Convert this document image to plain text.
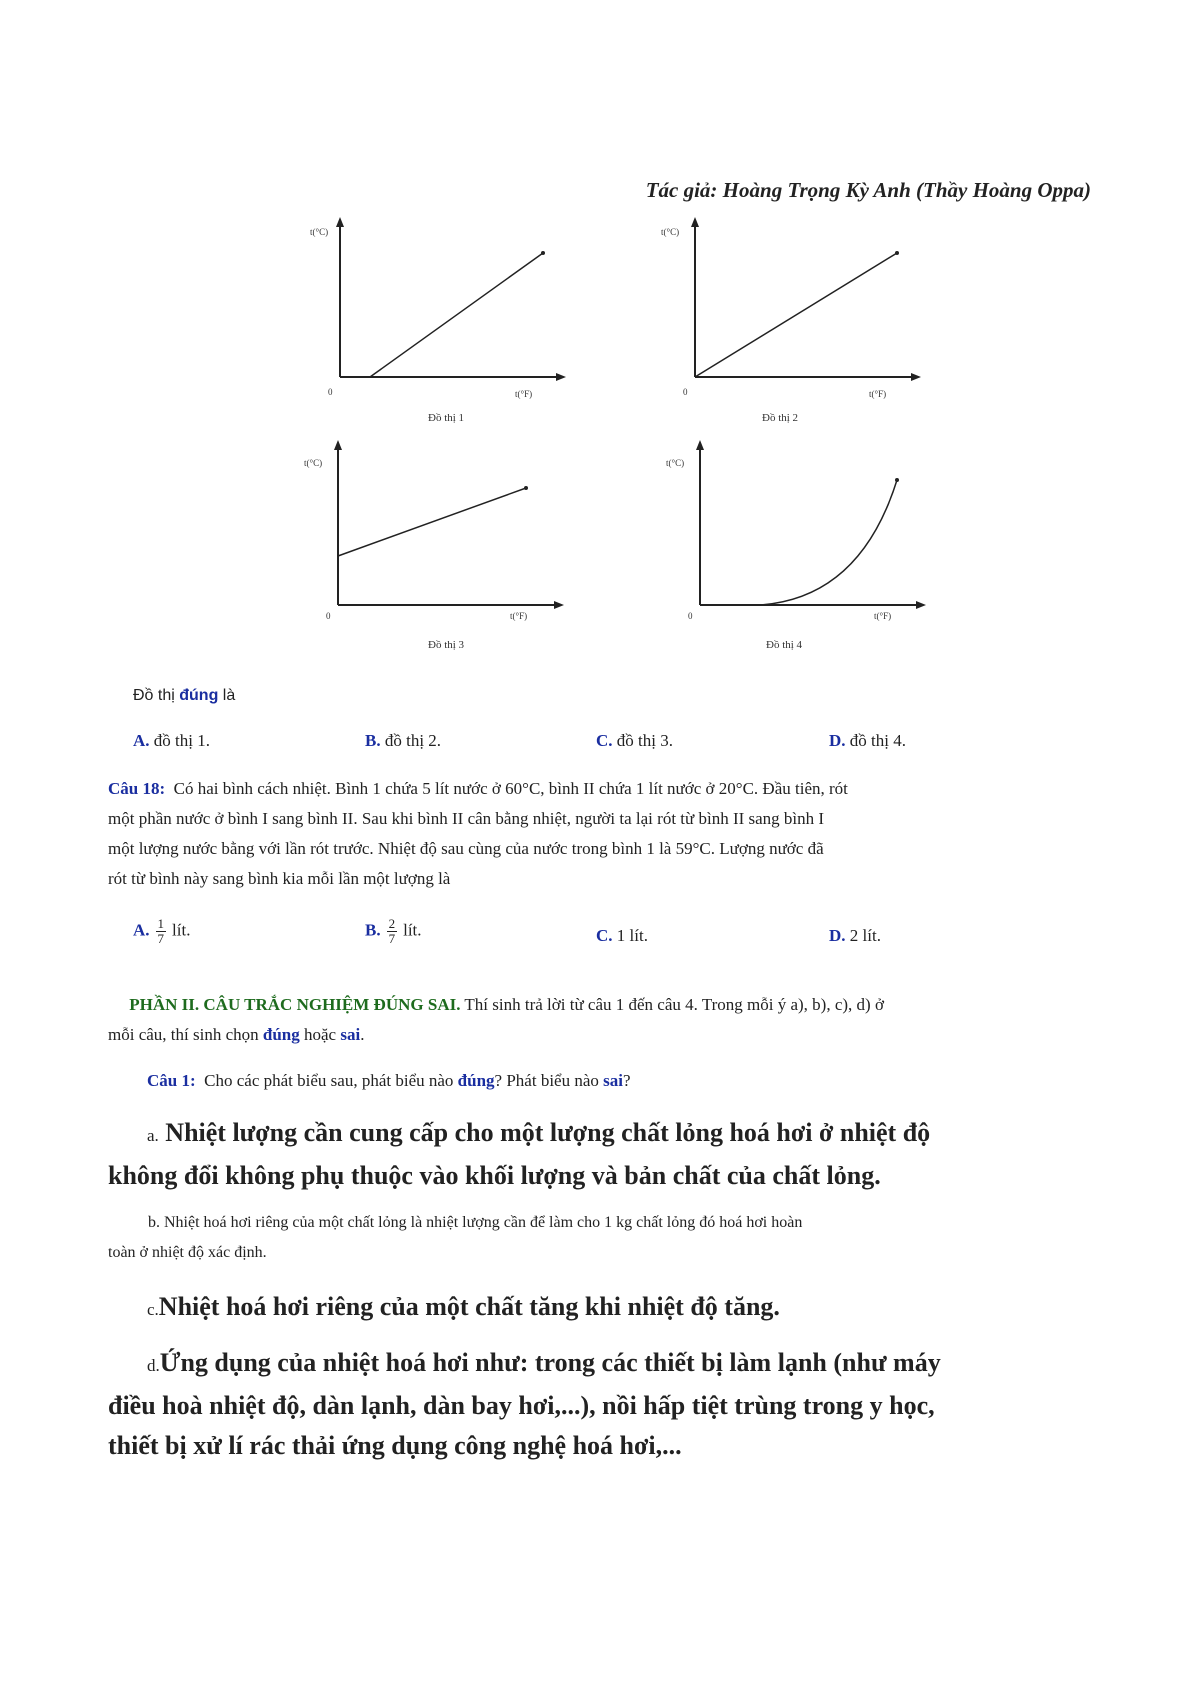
Tác giả: Hoàng Trọng Kỳ Anh (Thầy Hoàng Oppa)
t(°C)
t(°F)
0
Đồ thị 1
t(°C)
t(°F)
0
Đồ thị 2
t(°C)
t(°F)
0
Đồ thị 3
t(°C)
t(°F)
0
Đồ thị 4
Đồ thị đúng là
A. đồ thị 1.	B. đồ thị 2.	C. đồ thị 3.	D. đồ thị 4.
Câu 18: Có hai bình cách nhiệt. Bình 1 chứa 5 lít nước ở 60°C, bình II chứa 1 lít nước ở 20°C. Đầu tiên, rót
một phần nước ở bình I sang bình II. Sau khi bình II cân bằng nhiệt, người ta lại rót từ bình II sang bình I
một lượng nước bằng với lần rót trước. Nhiệt độ sau cùng của nước trong bình 1 là 59°C. Lượng nước đã
rót từ bình này sang bình kia mỗi lần một lượng là
A. $\frac{1}{7}$ lít.	B. $\frac{2}{7}$ lít.	C. 1 lít.	D. 2 lít.
PHẦN II. CÂU TRẮC NGHIỆM ĐÚNG SAI. Thí sinh trả lời từ câu 1 đến câu 4. Trong mỗi ý a), b), c), d) ở
mỗi câu, thí sinh chọn đúng hoặc sai.
Câu 1: Cho các phát biểu sau, phát biểu nào đúng? Phát biểu nào sai?
a. Nhiệt lượng cần cung cấp cho một lượng chất lỏng hoá hơi ở nhiệt độ
không đổi không phụ thuộc vào khối lượng và bản chất của chất lỏng.
b. Nhiệt hoá hơi riêng của một chất lỏng là nhiệt lượng cần để làm cho 1 kg chất lỏng đó hoá hơi hoàn
toàn ở nhiệt độ xác định.
c.Nhiệt hoá hơi riêng của một chất tăng khi nhiệt độ tăng.
d.Ứng dụng của nhiệt hoá hơi như: trong các thiết bị làm lạnh (như máy
điều hoà nhiệt độ, dàn lạnh, dàn bay hơi,...), nồi hấp tiệt trùng trong y học,
thiết bị xử lí rác thải ứng dụng công nghệ hoá hơi,...
